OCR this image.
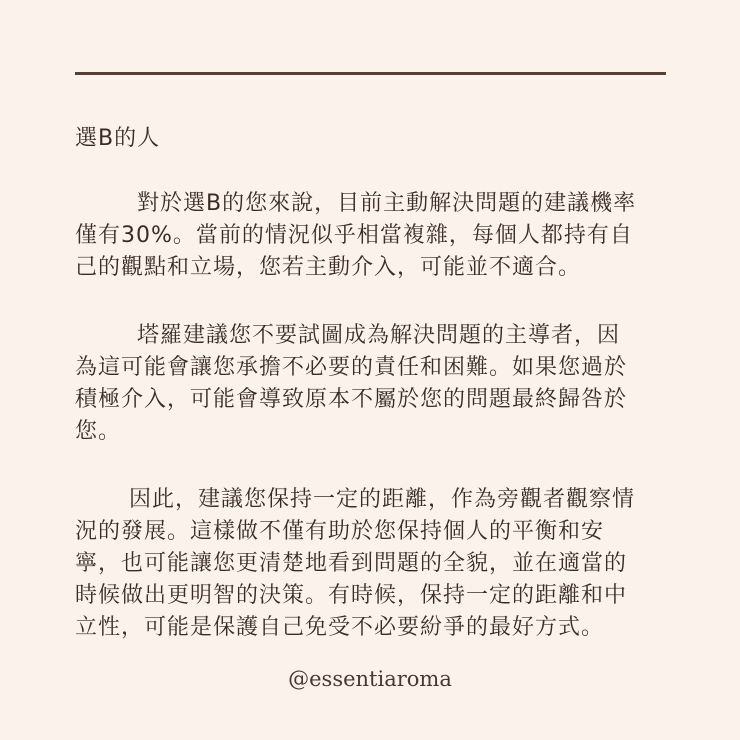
選B的人
對於選B的您來說，目前主動解決問題的建議機率
僅有30%。當前的情況似乎相當複雜，每個人都持有自
己的觀點和立場，您若主動介入，可能並不適合。
塔羅建議您不要試圖成為解決問題的主導者，因
為這可能會讓您承擔不必要的責任和困難。如果您過於
積極介入，可能會導致原本不屬於您的問題最終歸咎於
您。
因此，建議您保持一定的距離，作為旁觀者觀察情
況的發展。這樣做不僅有助於您保持個人的平衡和安
寧，也可能讓您更清楚地看到問題的全貌，並在適當的
時候做出更明智的決策。有時候，保持一定的距離和中
立性，可能是保護自己免受不必要紛爭的最好方式。
@essentiaroma
